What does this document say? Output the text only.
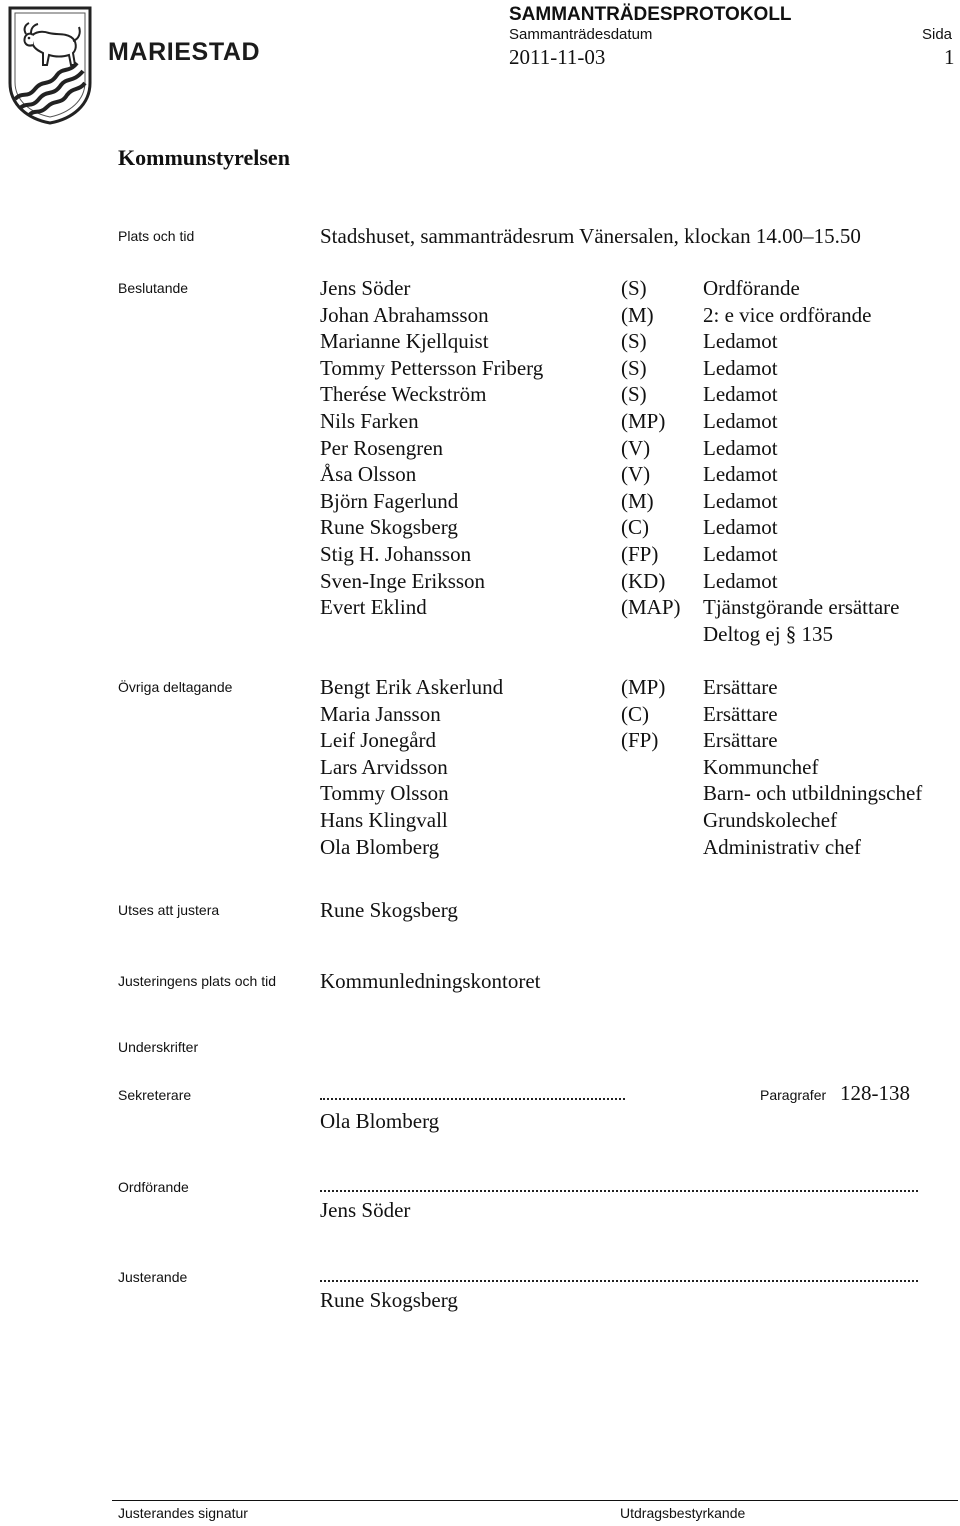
MARIESTAD
SAMMANTRÄDESPROTOKOLL
Sammanträdesdatum	Sida
2011-11-03	1
Kommunstyrelsen
Plats och tid	Stadshuset, sammanträdesrum Vänersalen, klockan 14.00–15.50
Beslutande	Jens Söder	(S)	Ordförande
Johan Abrahamsson	(M) 2: e vice ordförande
Marianne Kjellquist	(S)	Ledamot
Tommy Pettersson Friberg	(S)	Ledamot
Therése Weckström	(S)	Ledamot
Nils Farken	(MP) Ledamot
Per Rosengren	(V)	Ledamot
Åsa Olsson	(V)	Ledamot
Björn Fagerlund	(M) Ledamot
Rune Skogsberg	(C)	Ledamot
Stig H. Johansson	(FP) Ledamot
Sven-Inge Eriksson	(KD) Ledamot
Evert Eklind	(MAP) Tjänstgörande ersättare
Deltog ej § 135
Övriga deltagande	Bengt Erik Askerlund	(MP) Ersättare
Maria Jansson	(C)	Ersättare
Leif Jonegård	(FP) Ersättare
Lars Arvidsson	Kommunchef
Tommy Olsson	Barn- och utbildningschef
Hans Klingvall	Grundskolechef
Ola Blomberg	Administrativ chef
Utses att justera	Rune Skogsberg
Justeringens plats och tid Kommunledningskontoret
Underskrifter
Sekreterare	Paragrafer 128-138
Ola Blomberg
Ordförande
Jens Söder
Justerande
Rune Skogsberg
Justerandes signatur	Utdragsbestyrkande
